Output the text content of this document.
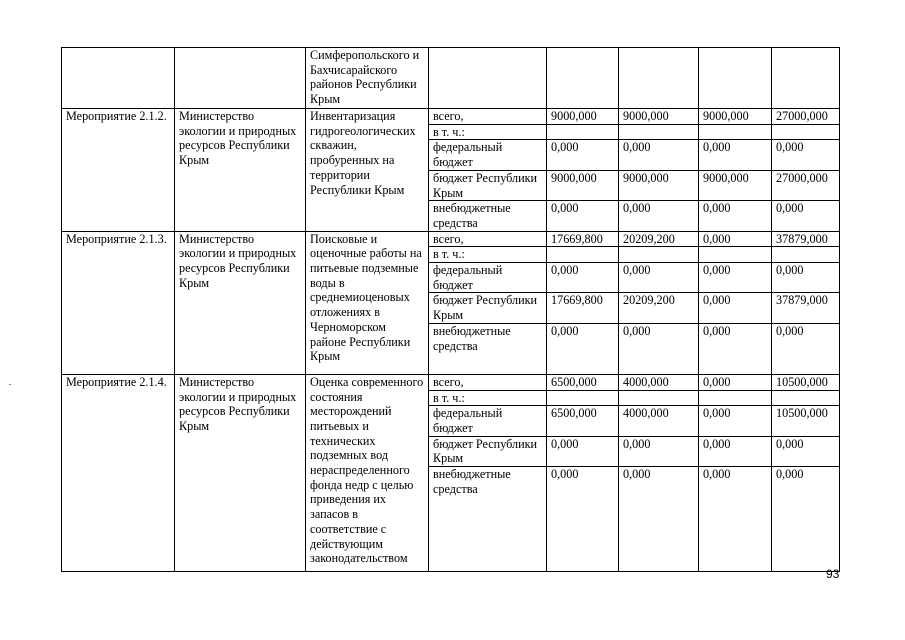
		Симферопольского и Бахчисарайского районов Республики Крым					
Мероприятие 2.1.2.	Министерство экологии и природных ресурсов Республики Крым	Инвентаризация гидрогеологических скважин, пробуренных на территории Республики Крым	всего,	9000,000	9000,000	9000,000	27000,000
			в т. ч.:				
			федеральный бюджет	0,000	0,000	0,000	0,000
			бюджет Республики Крым	9000,000	9000,000	9000,000	27000,000
			внебюджетные средства	0,000	0,000	0,000	0,000
Мероприятие 2.1.3.	Министерство экологии и природных ресурсов Республики Крым	Поисковые и оценочные работы на питьевые подземные воды в среднемиоценовых отложениях в Черноморском районе Республики Крым	всего,	17669,800	20209,200	0,000	37879,000
			в т. ч.:				
			федеральный бюджет	0,000	0,000	0,000	0,000
			бюджет Республики Крым	17669,800	20209,200	0,000	37879,000
			внебюджетные средства	0,000	0,000	0,000	0,000
Мероприятие 2.1.4.	Министерство экологии и природных ресурсов Республики Крым	Оценка современного состояния месторождений питьевых и технических подземных вод нераспределенного фонда недр с целью приведения их запасов в соответствие с действующим законодательством	всего,	6500,000	4000,000	0,000	10500,000
			в т. ч.:				
			федеральный бюджет	6500,000	4000,000	0,000	10500,000
			бюджет Республики Крым	0,000	0,000	0,000	0,000
			внебюджетные средства	0,000	0,000	0,000	0,000
93
